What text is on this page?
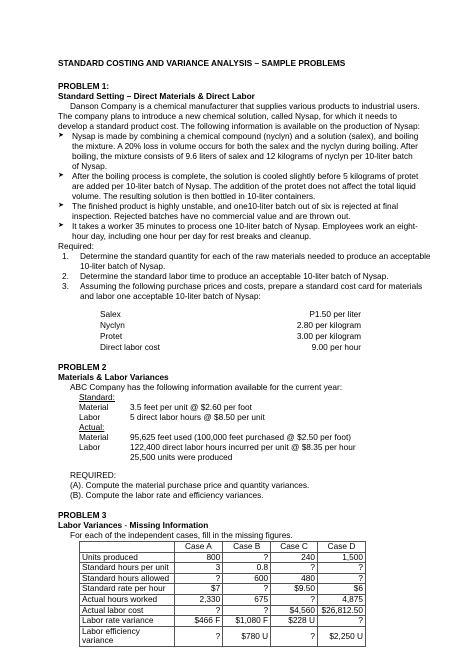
STANDARD COSTING AND VARIANCE ANALYSIS – SAMPLE PROBLEMS
PROBLEM 1:
Standard Setting – Direct Materials & Direct Labor
Danson Company is a chemical manufacturer that supplies various products to industrial users.
The company plans to introduce a new chemical solution, called Nysap, for which it needs to
develop a standard product cost. The following information is available on the production of Nysap:
➤ Nysap is made by combining a chemical compound (nyclyn) and a solution (salex), and boiling
the mixture. A 20% loss in volume occurs for both the salex and the nyclyn during boiling. After
boiling, the mixture consists of 9.6 liters of salex and 12 kilograms of nyclyn per 10-liter batch
of Nysap.
➤ After the boiling process is complete, the solution is cooled slightly before 5 kilograms of protet
are added per 10-liter batch of Nysap. The addition of the protet does not affect the total liquid
volume. The resulting solution is then bottled in 10-liter containers.
➤ The finished product is highly unstable, and one10-liter batch out of six is rejected at final
inspection. Rejected batches have no commercial value and are thrown out.
➤ It takes a worker 35 minutes to process one 10-liter batch of Nysap. Employees work an eight-
hour day, including one hour per day for rest breaks and cleanup.
Required:
1. Determine the standard quantity for each of the raw materials needed to produce an acceptable
10-liter batch of Nysap.
2. Determine the standard labor time to produce an acceptable 10-liter batch of Nysap.
3. Assuming the following purchase prices and costs, prepare a standard cost card for materials
and labor one acceptable 10-liter batch of Nysap:
Salex	P1.50 per liter
Nyclyn	2.80 per kilogram
Protet	3.00 per kilogram
Direct labor cost	9.00 per hour
PROBLEM 2
Materials & Labor Variances
ABC Company has the following information available for the current year:
Standard:
Material	3.5 feet per unit @ $2.60 per foot
Labor	5 direct labor hours @ $8.50 per unit
Actual:
Material	95,625 feet used (100,000 feet purchased @ $2.50 per foot)
Labor	122,400 direct labor hours incurred per unit @ $8.35 per hour
25,500 units were produced
REQUIRED:
(A). Compute the material purchase price and quantity variances.
(B). Compute the labor rate and efficiency variances.
PROBLEM 3
Labor Variances - Missing Information
For each of the independent cases, fill in the missing figures.
	Case A	Case B	Case C	Case D
Units produced	800	?	240	1,500
Standard hours per unit	3	0.8	?	?
Standard hours allowed	?	600	480	?
Standard rate per hour	$7	?	$9.50	$6
Actual hours worked	2,330	675	?	4,875
Actual labor cost	?	?	$4,560	$26,812.50
Labor rate variance	$466 F	$1,080 F	$228 U	?
Labor efficiency variance	?	$780 U	?	$2,250 U
